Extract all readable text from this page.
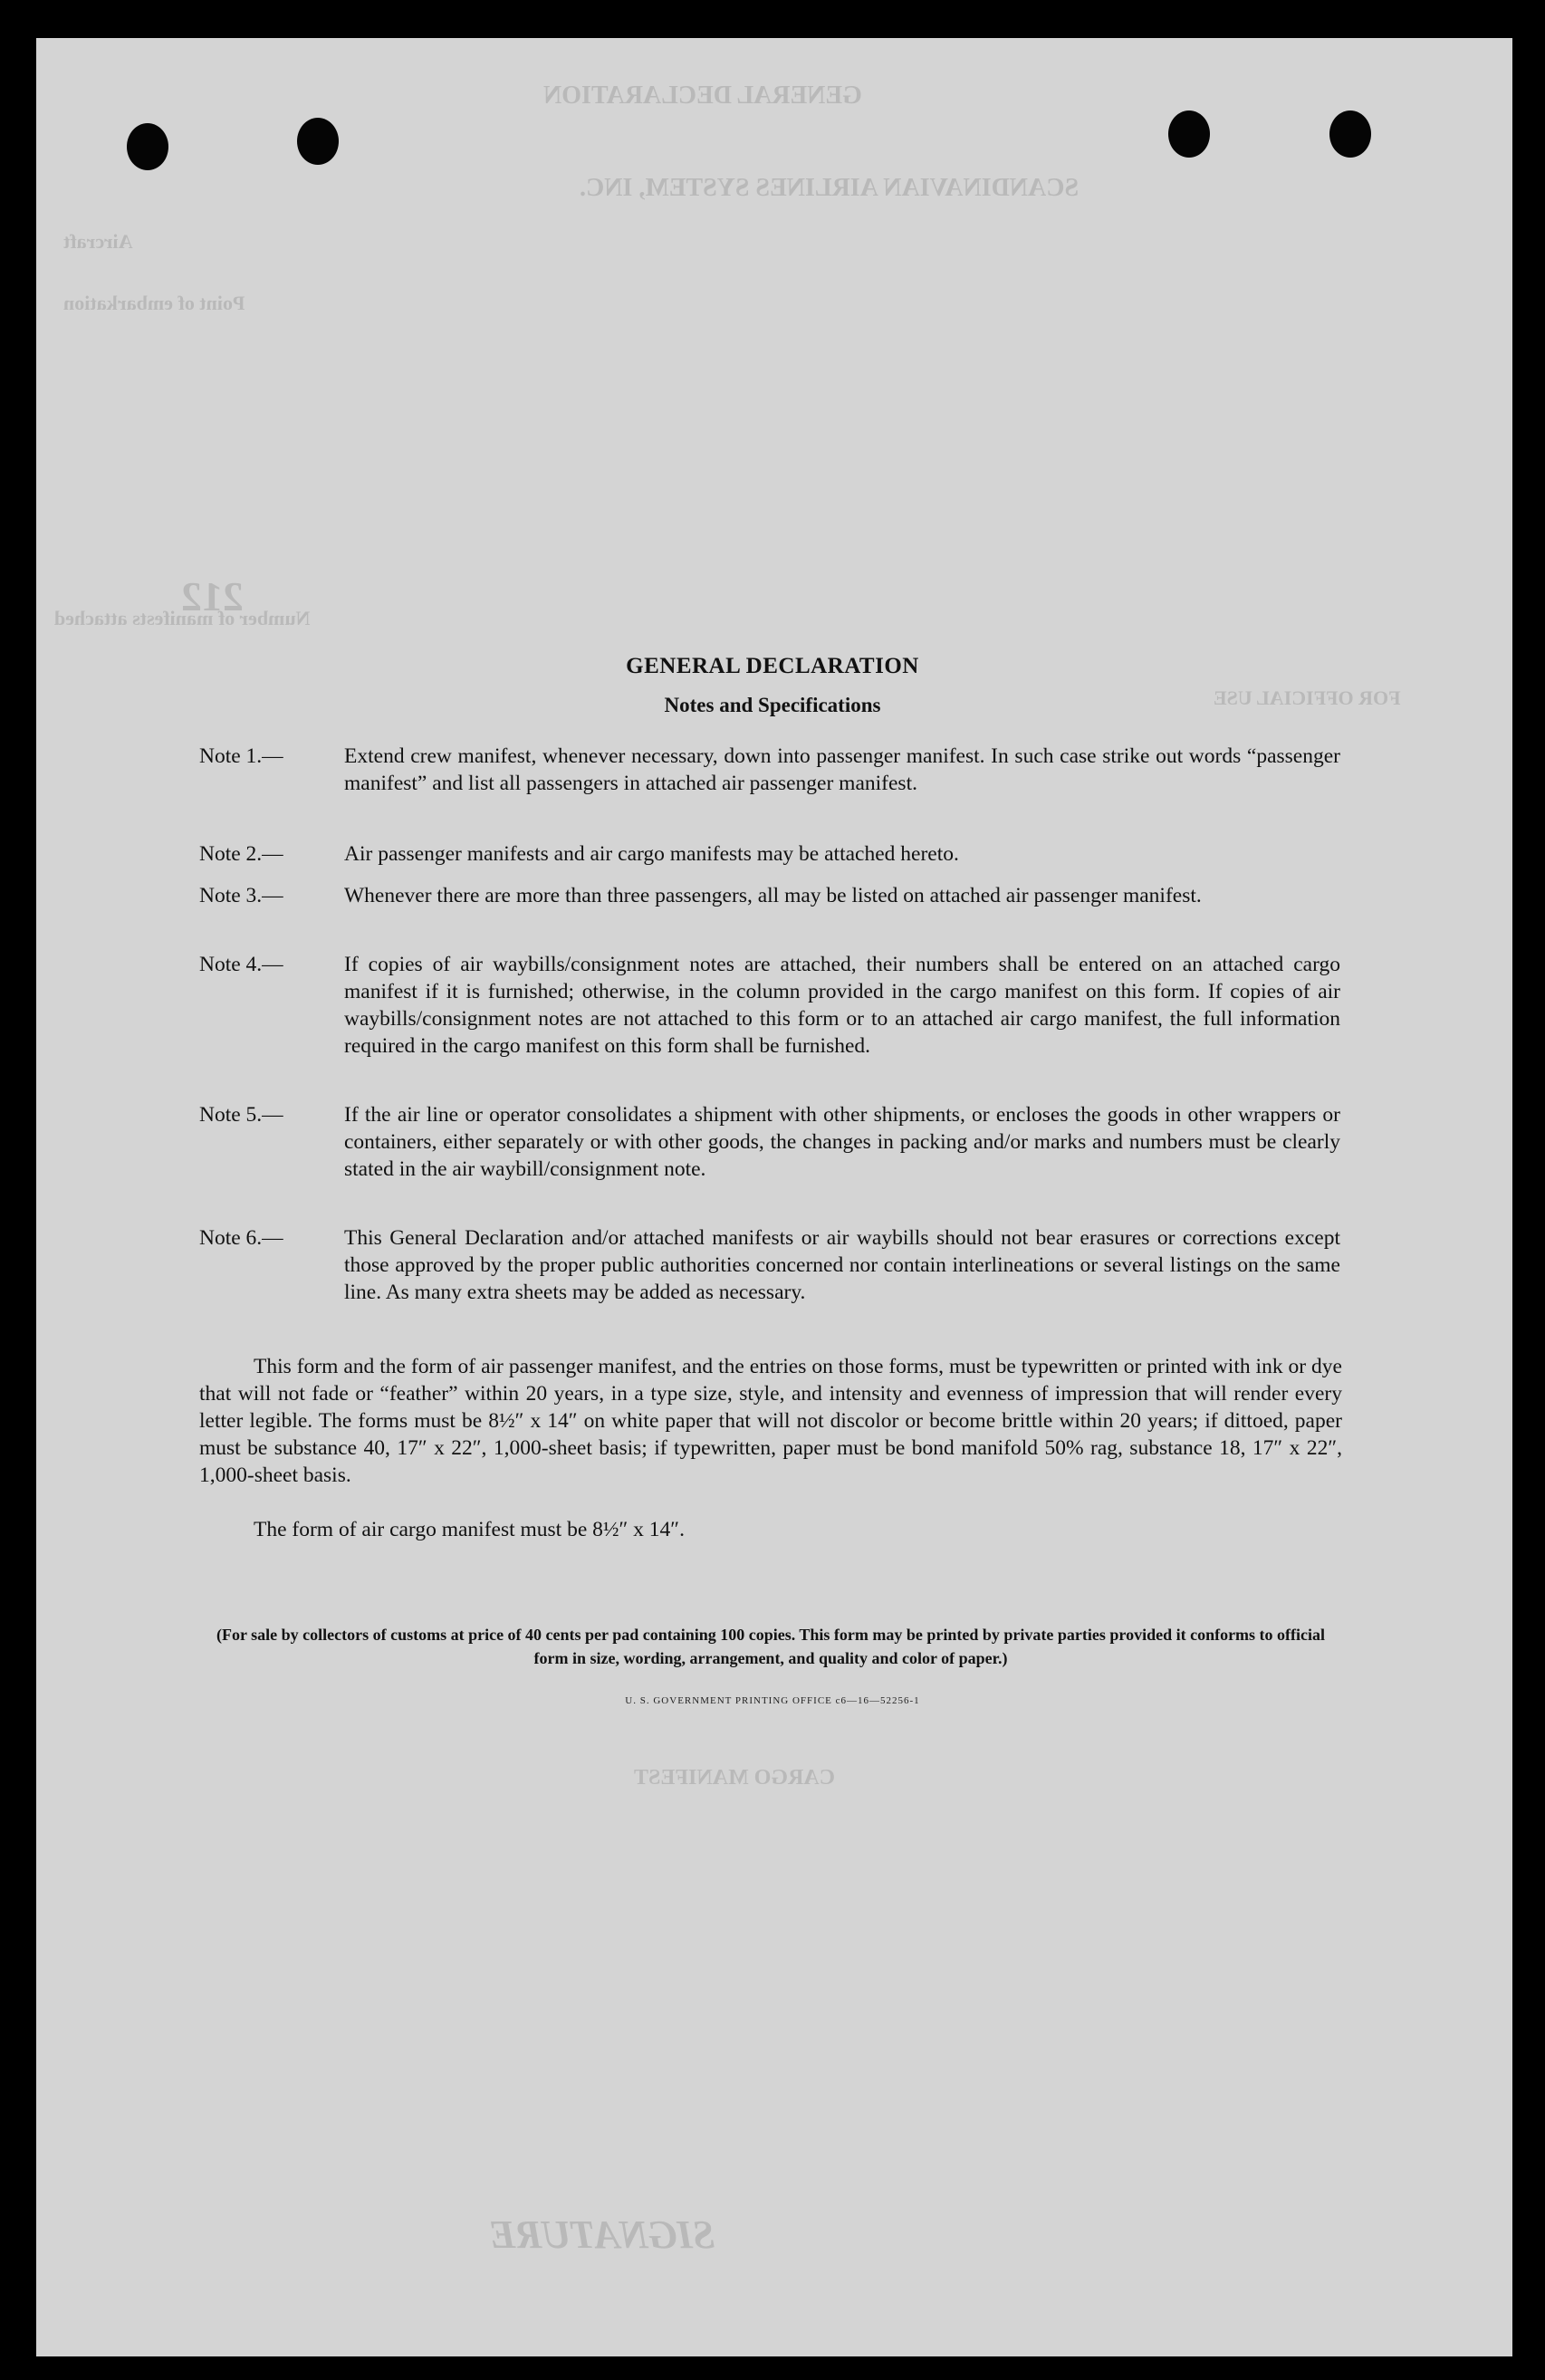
GENERAL DECLARATION
SCANDINAVIAN AIRLINES SYSTEM, INC.
Aircraft
Point of embarkation
Number of manifests attached
212
FOR OFFICIAL USE
CARGO MANIFEST
SIGNATURE
GENERAL DECLARATION
Notes and Specifications
Note 1.—	Extend crew manifest, whenever necessary, down into passenger manifest. In such case strike out words “passenger manifest” and list all passengers in attached air passenger manifest.
Note 2.—	Air passenger manifests and air cargo manifests may be attached hereto.
Note 3.—	Whenever there are more than three passengers, all may be listed on attached air passenger manifest.
Note 4.—	If copies of air waybills/consignment notes are attached, their numbers shall be entered on an attached cargo manifest if it is furnished; otherwise, in the column provided in the cargo manifest on this form. If copies of air waybills/consignment notes are not attached to this form or to an attached air cargo manifest, the full information required in the cargo manifest on this form shall be furnished.
Note 5.—	If the air line or operator consolidates a shipment with other shipments, or encloses the goods in other wrappers or containers, either separately or with other goods, the changes in packing and/or marks and numbers must be clearly stated in the air waybill/consignment note.
Note 6.—	This General Declaration and/or attached manifests or air waybills should not bear erasures or corrections except those approved by the proper public authorities concerned nor contain interlineations or several listings on the same line. As many extra sheets may be added as necessary.
This form and the form of air passenger manifest, and the entries on those forms, must be typewritten or printed with ink or dye that will not fade or “feather” within 20 years, in a type size, style, and intensity and evenness of impression that will render every letter legible. The forms must be 8½″ x 14″ on white paper that will not discolor or become brittle within 20 years; if dittoed, paper must be substance 40, 17″ x 22″, 1,000-sheet basis; if typewritten, paper must be bond manifold 50% rag, substance 18, 17″ x 22″, 1,000-sheet basis.
The form of air cargo manifest must be 8½″ x 14″.
(For sale by collectors of customs at price of 40 cents per pad containing 100 copies. This form may be printed by private parties provided it conforms to official form in size, wording, arrangement, and quality and color of paper.)
U. S. GOVERNMENT PRINTING OFFICE c6—16—52256-1
